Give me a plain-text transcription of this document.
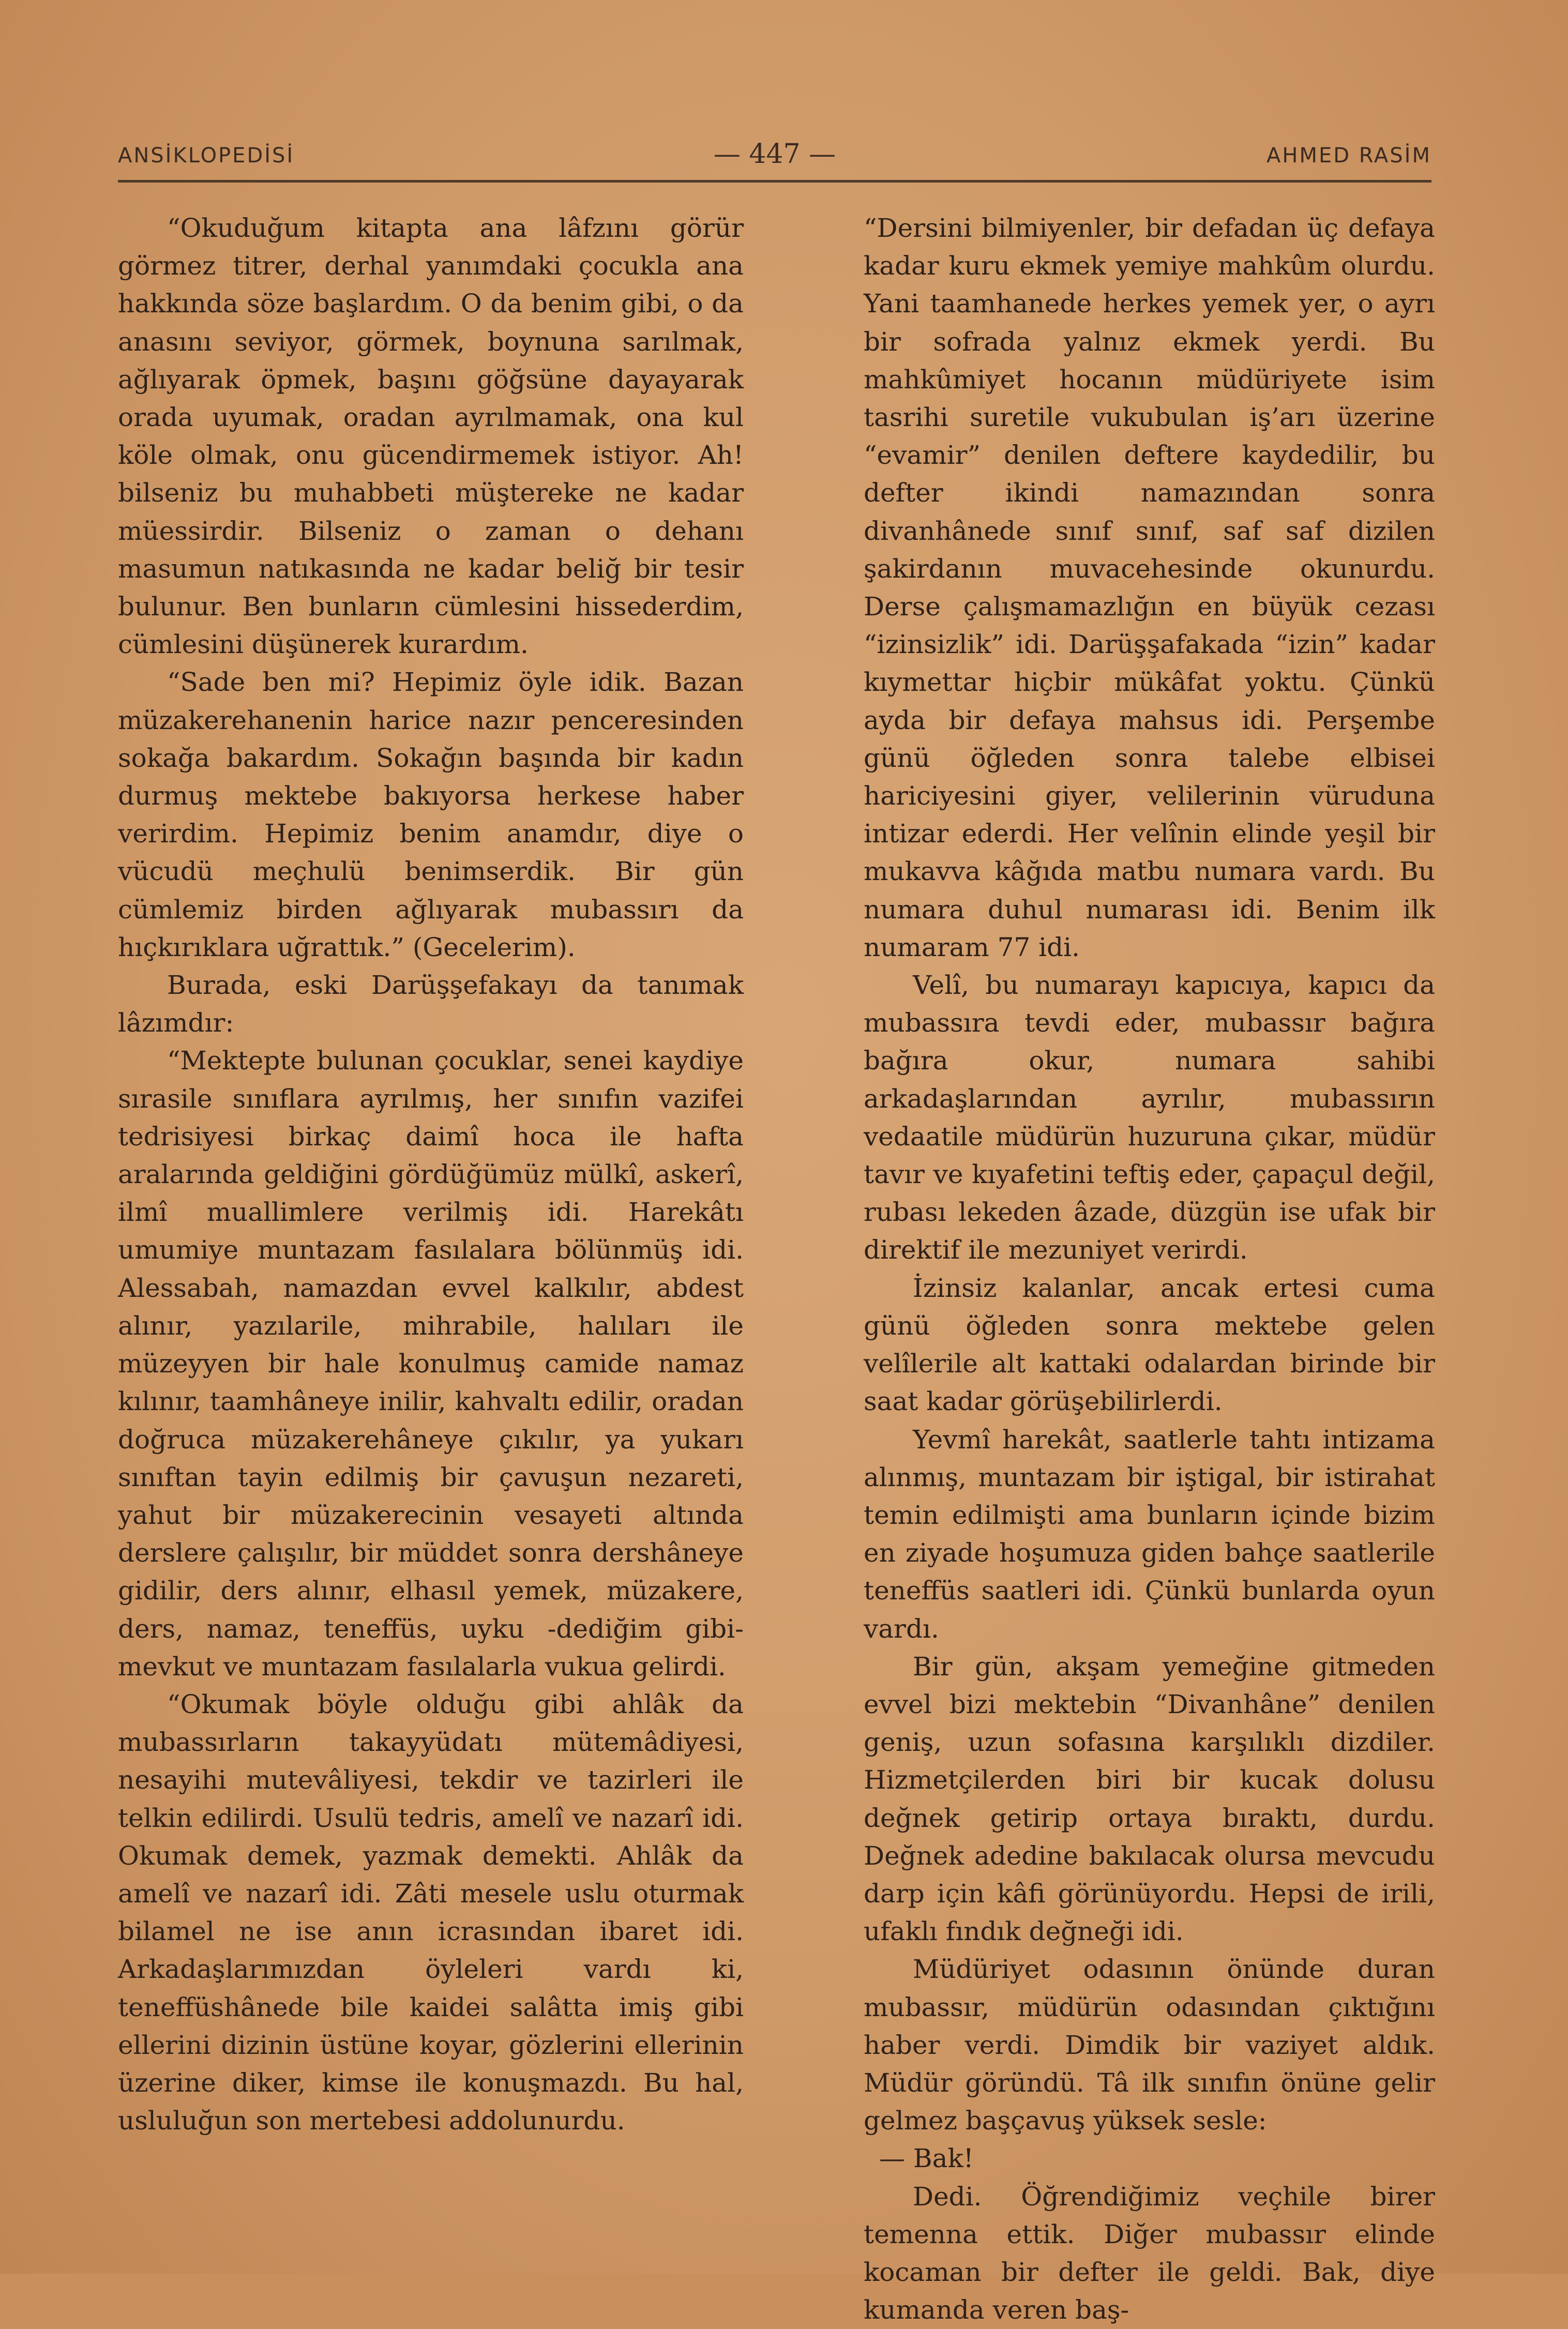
ANSİKLOPEDİSİ	— 447 —	AHMED RASİM

“Okuduğum kitapta ana lâfzını görür görmez titrer, derhal yanımdaki çocukla ana hakkında söze başlardım. O da benim gibi, o da anasını seviyor, görmek, boynuna sarılmak, ağlıyarak öpmek, başını göğsüne dayayarak orada uyumak, oradan ayrılmamak, ona kul köle olmak, onu gücendirmemek istiyor. Ah! bilseniz bu muhabbeti müştereke ne kadar müessirdir. Bilseniz o zaman o dehanı masumun natıkasında ne kadar beliğ bir tesir bulunur. Ben bunların cümlesini hissederdim, cümlesini düşünerek kurardım.

“Sade ben mi? Hepimiz öyle idik. Bazan müzakerehanenin harice nazır penceresinden sokağa bakardım. Sokağın başında bir kadın durmuş mektebe bakıyorsa herkese haber verirdim. Hepimiz benim anamdır, diye o vücudü meçhulü benimserdik. Bir gün cümlemiz birden ağlıyarak mubassırı da hıçkırıklara uğrattık.” (Gecelerim).

Burada, eski Darüşşefakayı da tanımak lâzımdır:

“Mektepte bulunan çocuklar, senei kaydiye sırasile sınıflara ayrılmış, her sınıfın vazifei tedrisiyesi birkaç daimî hoca ile hafta aralarında geldiğini gördüğümüz mülkî, askerî, ilmî muallimlere verilmiş idi. Harekâtı umumiye muntazam fasılalara bölünmüş idi. Alessabah, namazdan evvel kalkılır, abdest alınır, yazılarile, mihrabile, halıları ile müzeyyen bir hale konulmuş camide namaz kılınır, taamhâneye inilir, kahvaltı edilir, oradan doğruca müzakerehâneye çıkılır, ya yukarı sınıftan tayin edilmiş bir çavuşun nezareti, yahut bir müzakerecinin vesayeti altında derslere çalışılır, bir müddet sonra dershâneye gidilir, ders alınır, elhasıl yemek, müzakere, ders, namaz, teneffüs, uyku -dediğim gibi- mevkut ve muntazam fasılalarla vukua gelirdi.

“Okumak böyle olduğu gibi ahlâk da mubassırların takayyüdatı mütemâdiyesi, nesayihi mutevâliyesi, tekdir ve tazirleri ile telkin edilirdi. Usulü tedris, amelî ve nazarî idi. Okumak demek, yazmak demekti. Ahlâk da amelî ve nazarî idi. Zâti mesele uslu oturmak bilamel ne ise anın icrasından ibaret idi. Arkadaşlarımızdan öyleleri vardı ki, teneffüshânede bile kaidei salâtta imiş gibi ellerini dizinin üstüne koyar, gözlerini ellerinin üzerine diker, kimse ile konuşmazdı. Bu hal, usluluğun son mertebesi addolunurdu.

“Dersini bilmiyenler, bir defadan üç defaya kadar kuru ekmek yemiye mahkûm olurdu. Yani taamhanede herkes yemek yer, o ayrı bir sofrada yalnız ekmek yerdi. Bu mahkûmiyet hocanın müdüriyete isim tasrihi suretile vukubulan iş’arı üzerine “evamir” denilen deftere kaydedilir, bu defter ikindi namazından sonra divanhânede sınıf sınıf, saf saf dizilen şakirdanın muvacehesinde okunurdu. Derse çalışmamazlığın en büyük cezası “izinsizlik” idi. Darüşşafakada “izin” kadar kıymettar hiçbir mükâfat yoktu. Çünkü ayda bir defaya mahsus idi. Perşembe günü öğleden sonra talebe elbisei hariciyesini giyer, velilerinin vüruduna intizar ederdi. Her velînin elinde yeşil bir mukavva kâğıda matbu numara vardı. Bu numara duhul numarası idi. Benim ilk numaram 77 idi.

Velî, bu numarayı kapıcıya, kapıcı da mubassıra tevdi eder, mubassır bağıra bağıra okur, numara sahibi arkadaşlarından ayrılır, mubassırın vedaatile müdürün huzuruna çıkar, müdür tavır ve kıyafetini teftiş eder, çapaçul değil, rubası lekeden âzade, düzgün ise ufak bir direktif ile mezuniyet verirdi.

İzinsiz kalanlar, ancak ertesi cuma günü öğleden sonra mektebe gelen velîlerile alt kattaki odalardan birinde bir saat kadar görüşebilirlerdi.

Yevmî harekât, saatlerle tahtı intizama alınmış, muntazam bir iştigal, bir istirahat temin edilmişti ama bunların içinde bizim en ziyade hoşumuza giden bahçe saatlerile teneffüs saatleri idi. Çünkü bunlarda oyun vardı.

Bir gün, akşam yemeğine gitmeden evvel bizi mektebin “Divanhâne” denilen geniş, uzun sofasına karşılıklı dizdiler. Hizmetçilerden biri bir kucak dolusu değnek getirip ortaya bıraktı, durdu. Değnek adedine bakılacak olursa mevcudu darp için kâfi görünüyordu. Hepsi de irili, ufaklı fındık değneği idi.

Müdüriyet odasının önünde duran mubassır, müdürün odasından çıktığını haber verdi. Dimdik bir vaziyet aldık. Müdür göründü. Tâ ilk sınıfın önüne gelir gelmez başçavuş yüksek sesle:

— Bak!

Dedi. Öğrendiğimiz veçhile birer temenna ettik. Diğer mubassır elinde kocaman bir defter ile geldi. Bak, diye kumanda veren baş-
